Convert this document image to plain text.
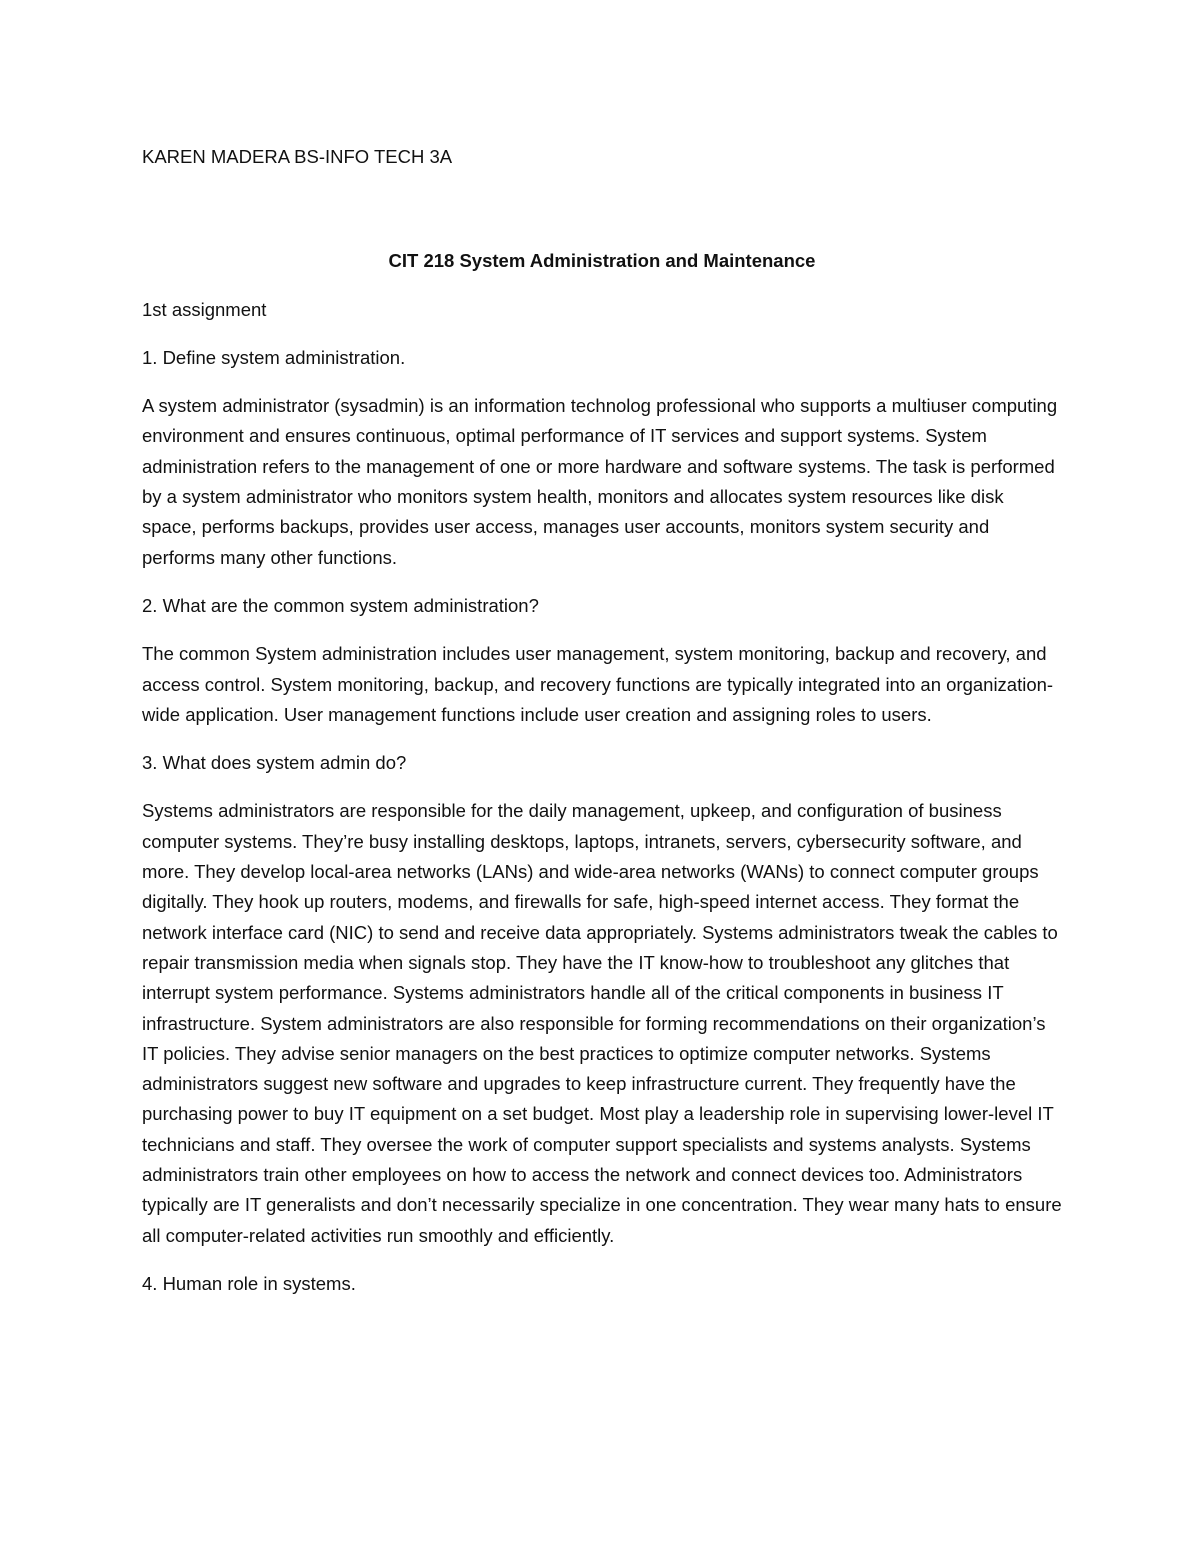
KAREN MADERA BS-INFO TECH 3A

CIT 218 System Administration and Maintenance

1st assignment

1. Define system administration.

A system administrator (sysadmin) is an information technolog professional who supports a multiuser computing environment and ensures continuous, optimal performance of IT services and support systems. System administration refers to the management of one or more hardware and software systems. The task is performed by a system administrator who monitors system health, monitors and allocates system resources like disk space, performs backups, provides user access, manages user accounts, monitors system security and performs many other functions.

2. What are the common system administration?

The common System administration includes user management, system monitoring, backup and recovery, and access control. System monitoring, backup, and recovery functions are typically integrated into an organization-wide application. User management functions include user creation and assigning roles to users.

3. What does system admin do?

Systems administrators are responsible for the daily management, upkeep, and configuration of business computer systems. They’re busy installing desktops, laptops, intranets, servers, cybersecurity software, and more. They develop local-area networks (LANs) and wide-area networks (WANs) to connect computer groups digitally. They hook up routers, modems, and firewalls for safe, high-speed internet access. They format the network interface card (NIC) to send and receive data appropriately. Systems administrators tweak the cables to repair transmission media when signals stop. They have the IT know-how to troubleshoot any glitches that interrupt system performance. Systems administrators handle all of the critical components in business IT infrastructure. System administrators are also responsible for forming recommendations on their organization’s IT policies. They advise senior managers on the best practices to optimize computer networks. Systems administrators suggest new software and upgrades to keep infrastructure current. They frequently have the purchasing power to buy IT equipment on a set budget. Most play a leadership role in supervising lower-level IT technicians and staff. They oversee the work of computer support specialists and systems analysts. Systems administrators train other employees on how to access the network and connect devices too. Administrators typically are IT generalists and don’t necessarily specialize in one concentration. They wear many hats to ensure all computer-related activities run smoothly and efficiently.

4. Human role in systems.
